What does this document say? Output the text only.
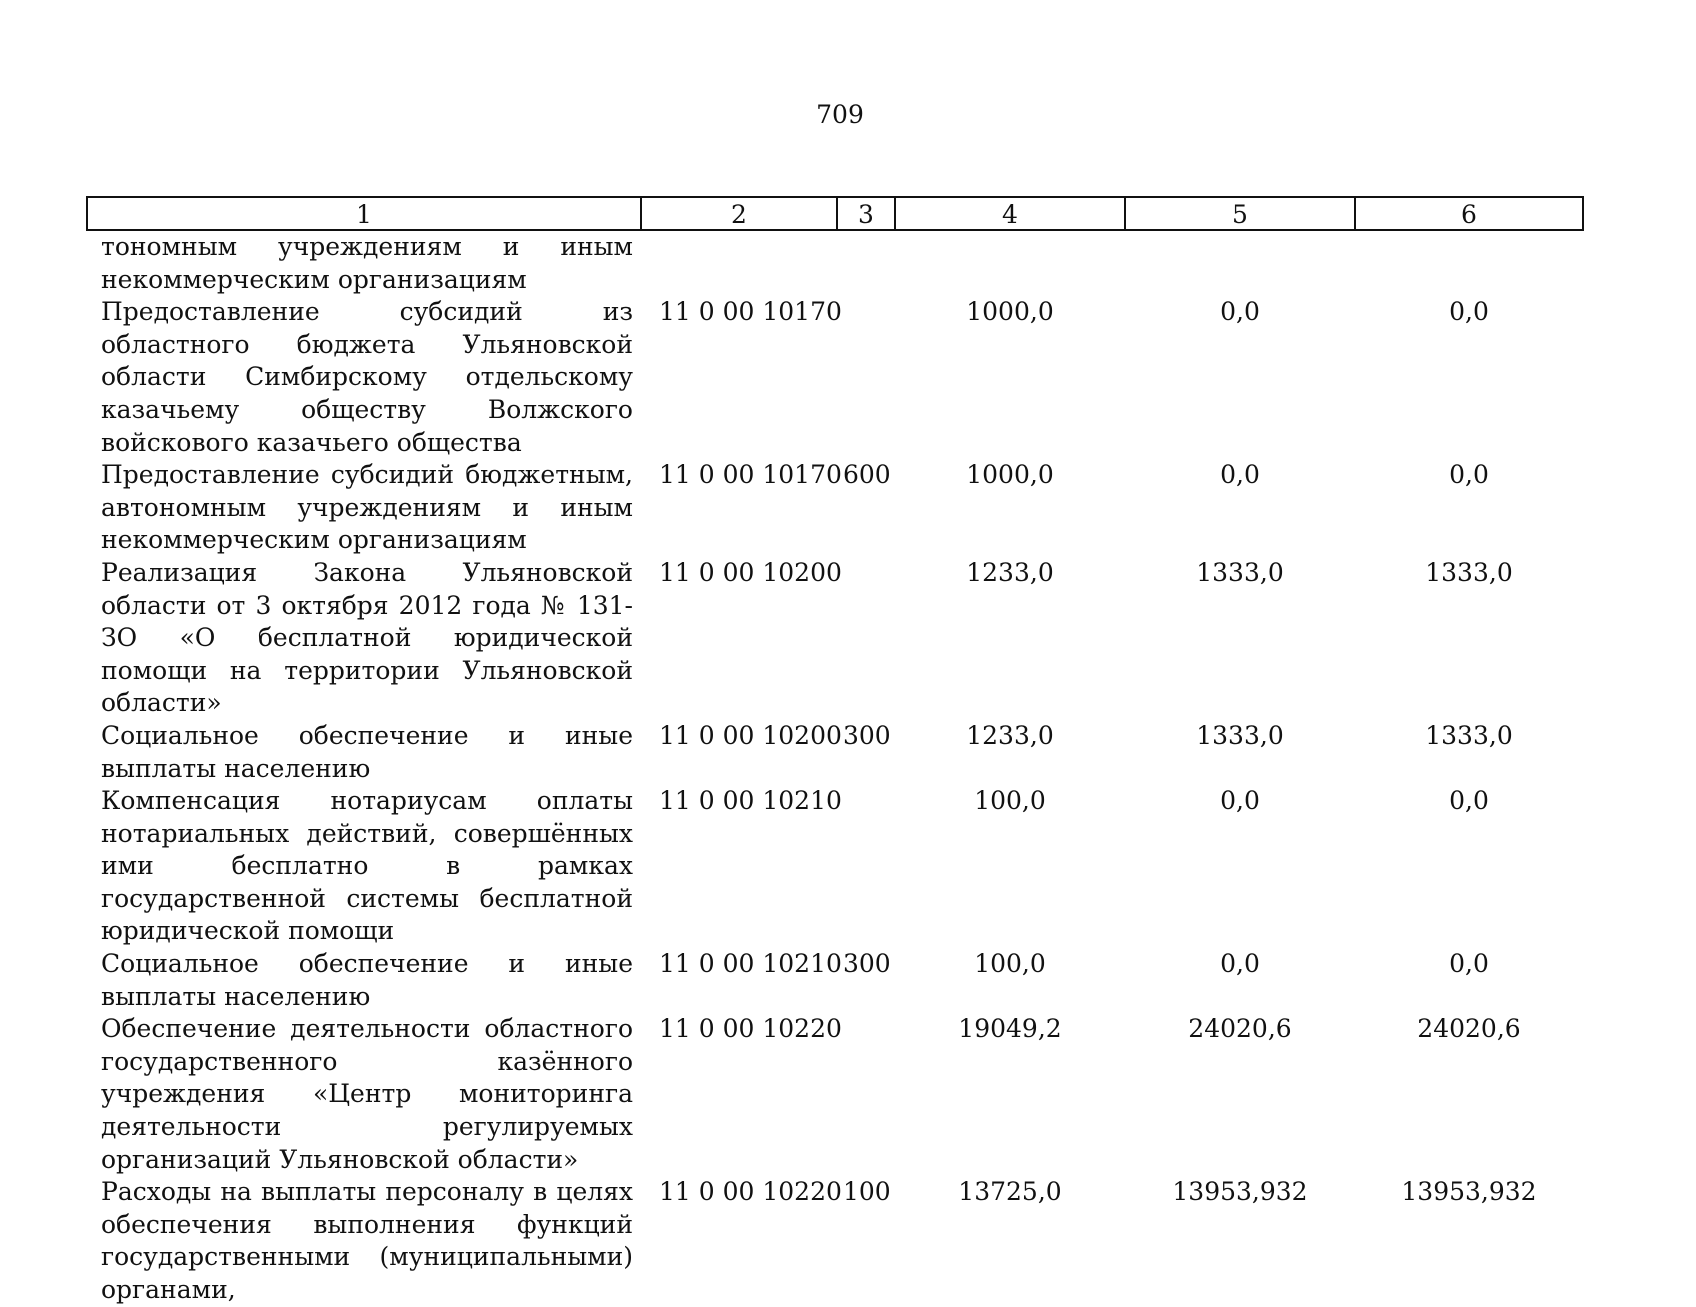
709
1	2	3	4	5	6
тономным учреждениям и иным некоммерческим организациям					
Предоставление субсидий из областного бюджета Ульяновской области Симбирскому отдельскому казачьему обществу Волжского войскового казачьего общества	11 0 00 10170		1000,0	0,0	0,0
Предоставление субсидий бюджетным, автономным учреждениям и иным некоммерческим организациям	11 0 00 10170	600	1000,0	0,0	0,0
Реализация Закона Ульяновской области от 3 октября 2012 года № 131-ЗО «О бесплатной юридической помощи на территории Ульяновской области»	11 0 00 10200		1233,0	1333,0	1333,0
Социальное обеспечение и иные выплаты населению	11 0 00 10200	300	1233,0	1333,0	1333,0
Компенсация нотариусам оплаты нотариальных действий, совершённых ими бесплатно в рамках государственной системы бесплатной юридической помощи	11 0 00 10210		100,0	0,0	0,0
Социальное обеспечение и иные выплаты населению	11 0 00 10210	300	100,0	0,0	0,0
Обеспечение деятельности областного государственного казённого учреждения «Центр мониторинга деятельности регулируемых организаций Ульяновской области»	11 0 00 10220		19049,2	24020,6	24020,6
Расходы на выплаты персоналу в целях обеспечения выполнения функций государственными (муниципальными) органами,	11 0 00 10220	100	13725,0	13953,932	13953,932
